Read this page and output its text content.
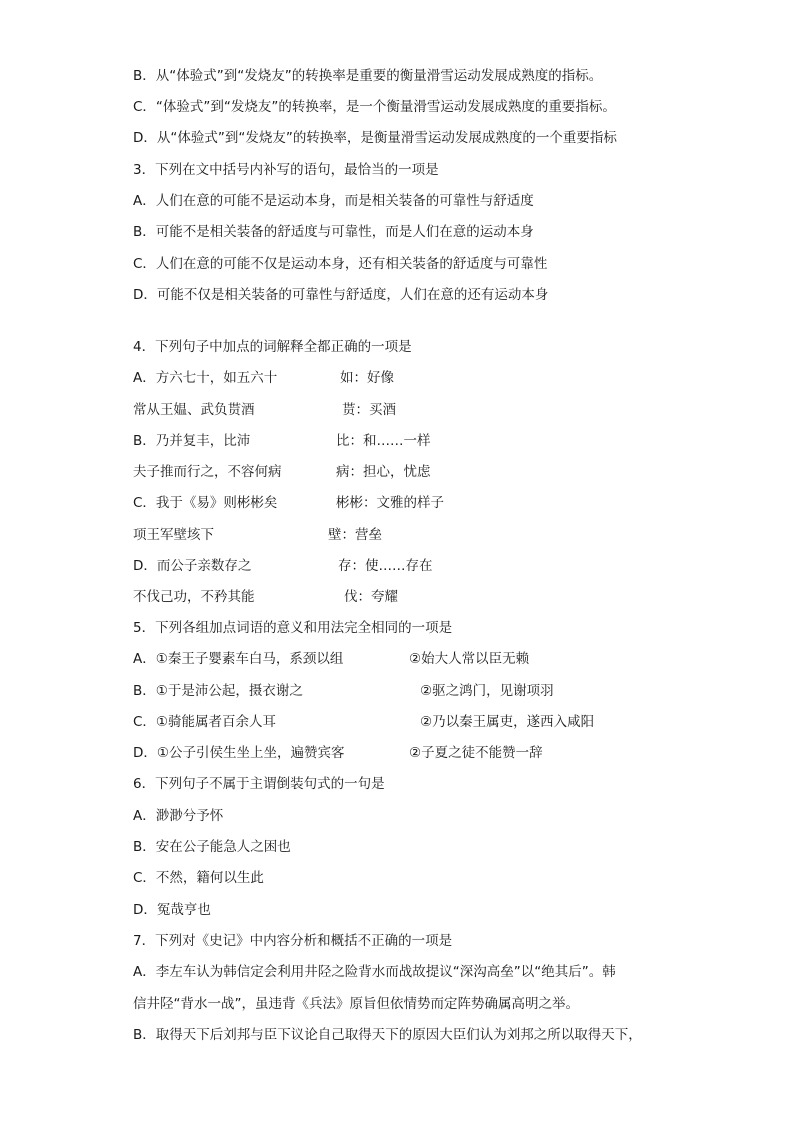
B．从“体验式”到“发烧友”的转换率是重要的衡量滑雪运动发展成熟度的指标。
C．“体验式”到“发烧友”的转换率，是一个衡量滑雪运动发展成熟度的重要指标。
D．从“体验式”到“发烧友”的转换率，是衡量滑雪运动发展成熟度的一个重要指标
3．下列在文中括号内补写的语句，最恰当的一项是
A．人们在意的可能不是运动本身，而是相关装备的可靠性与舒适度
B．可能不是相关装备的舒适度与可靠性，而是人们在意的运动本身
C．人们在意的可能不仅是运动本身，还有相关装备的舒适度与可靠性
D．可能不仅是相关装备的可靠性与舒适度，人们在意的还有运动本身
4．下列句子中加点的词解释全都正确的一项是
A．方六七十，如五六十	如：好像
常从王媪、武负贳酒	贳：买酒
B．乃并复丰，比沛	比：和……一样
夫子推而行之，不容何病	病：担心，忧虑
C．我于《易》则彬彬矣	彬彬：文雅的样子
项王军壁垓下	壁：营垒
D．而公子亲数存之	存：使……存在
不伐己功，不矜其能	伐：夸耀
5．下列各组加点词语的意义和用法完全相同的一项是
A．①秦王子婴素车白马，系颈以组	②始大人常以臣无赖
B．①于是沛公起，摄衣谢之	②驱之鸿门，见谢项羽
C．①骑能属者百余人耳	②乃以秦王属吏，遂西入咸阳
D．①公子引侯生坐上坐，遍赞宾客	②子夏之徒不能赞一辞
6．下列句子不属于主谓倒装句式的一句是
A．渺渺兮予怀
B．安在公子能急人之困也
C．不然，籍何以生此
D．冤哉亨也
7．下列对《史记》中内容分析和概括不正确的一项是
A．李左车认为韩信定会利用井陉之险背水而战故提议“深沟高垒”以“绝其后”。韩
信井陉“背水一战”，虽违背《兵法》原旨但依情势而定阵势确属高明之举。
B．取得天下后刘邦与臣下议论自己取得天下的原因大臣们认为刘邦之所以取得天下，
